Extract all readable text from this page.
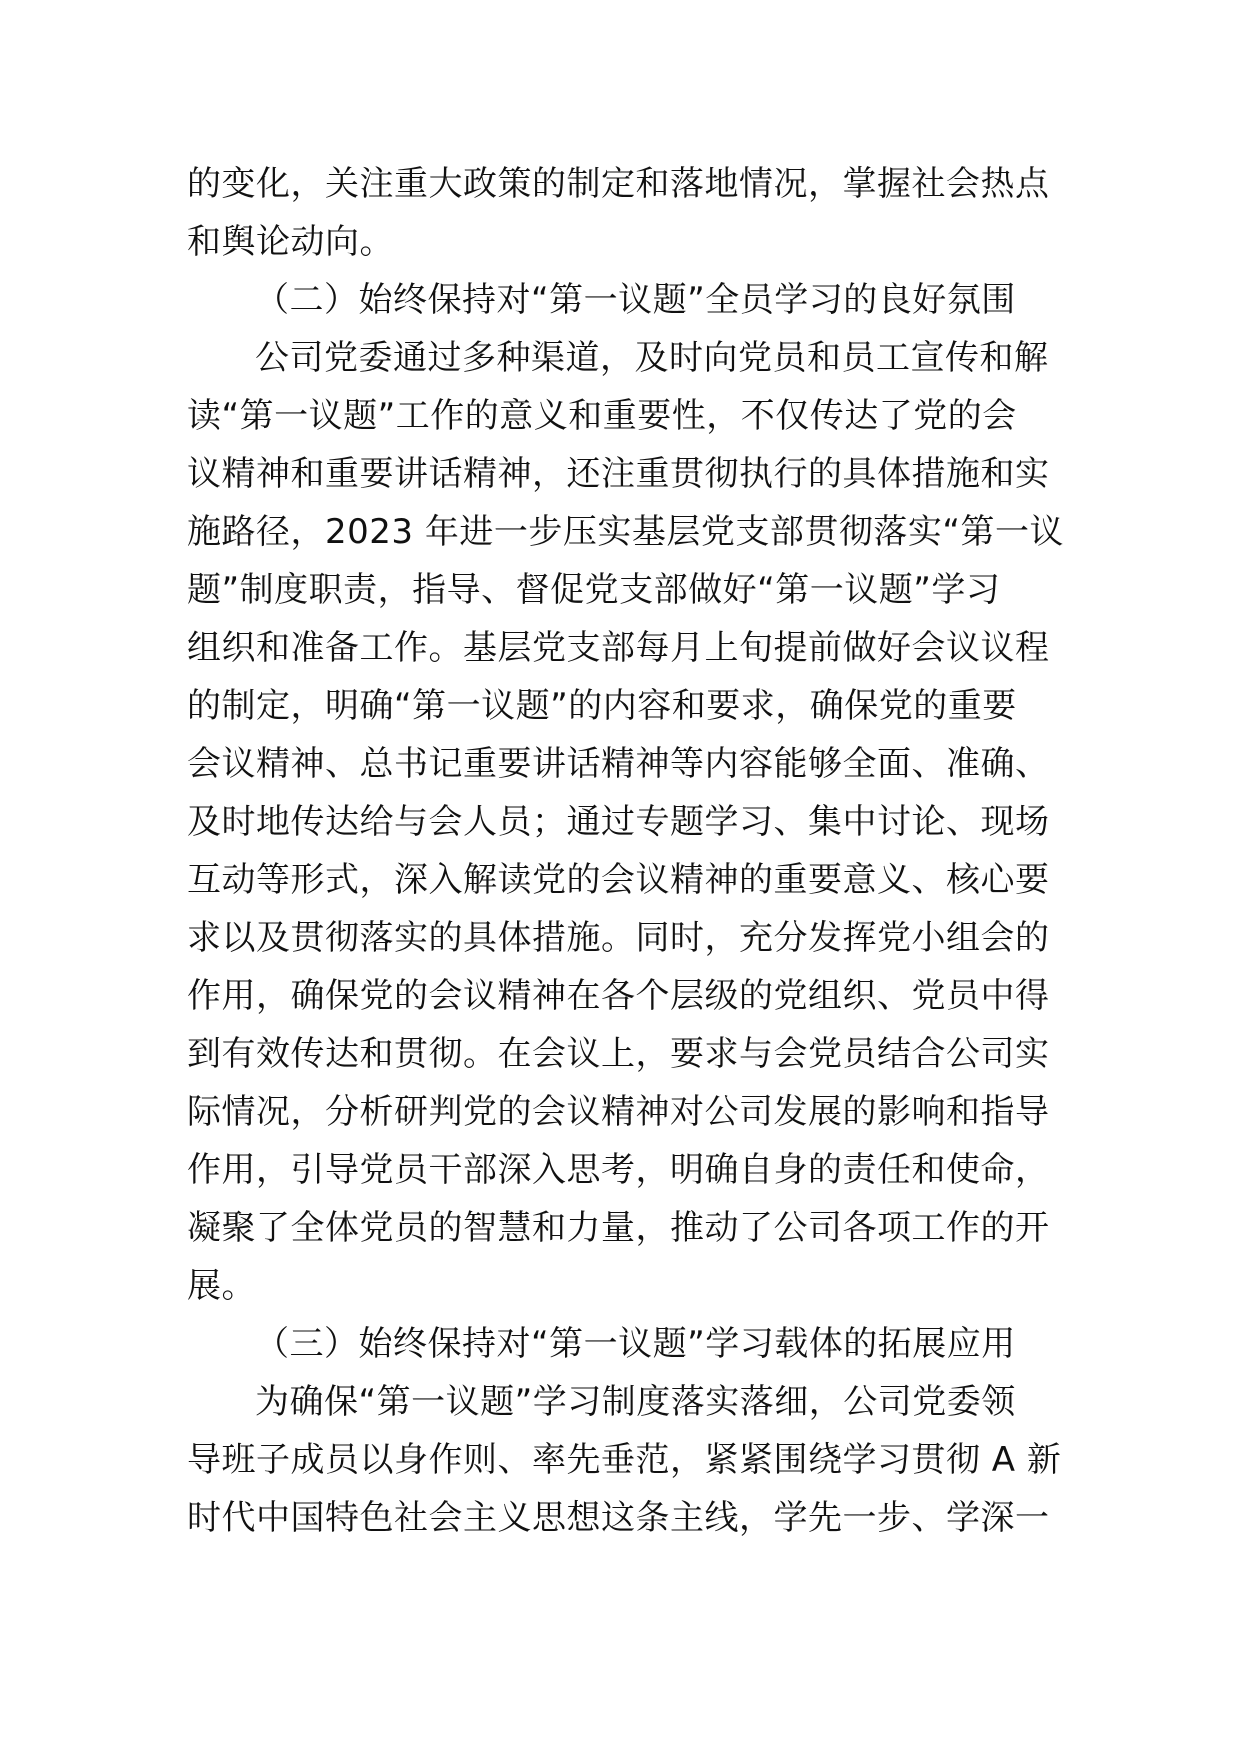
的变化，关注重大政策的制定和落地情况，掌握社会热点
和舆论动向。
（二）始终保持对“第一议题”全员学习的良好氛围
公司党委通过多种渠道，及时向党员和员工宣传和解
读“第一议题”工作的意义和重要性，不仅传达了党的会
议精神和重要讲话精神，还注重贯彻执行的具体措施和实
施路径，2023 年进一步压实基层党支部贯彻落实“第一议
题”制度职责，指导、督促党支部做好“第一议题”学习
组织和准备工作。基层党支部每月上旬提前做好会议议程
的制定，明确“第一议题”的内容和要求，确保党的重要
会议精神、总书记重要讲话精神等内容能够全面、准确、
及时地传达给与会人员；通过专题学习、集中讨论、现场
互动等形式，深入解读党的会议精神的重要意义、核心要
求以及贯彻落实的具体措施。同时，充分发挥党小组会的
作用，确保党的会议精神在各个层级的党组织、党员中得
到有效传达和贯彻。在会议上，要求与会党员结合公司实
际情况，分析研判党的会议精神对公司发展的影响和指导
作用，引导党员干部深入思考，明确自身的责任和使命，
凝聚了全体党员的智慧和力量，推动了公司各项工作的开
展。
（三）始终保持对“第一议题”学习载体的拓展应用
为确保“第一议题”学习制度落实落细，公司党委领
导班子成员以身作则、率先垂范，紧紧围绕学习贯彻 A 新
时代中国特色社会主义思想这条主线，学先一步、学深一
